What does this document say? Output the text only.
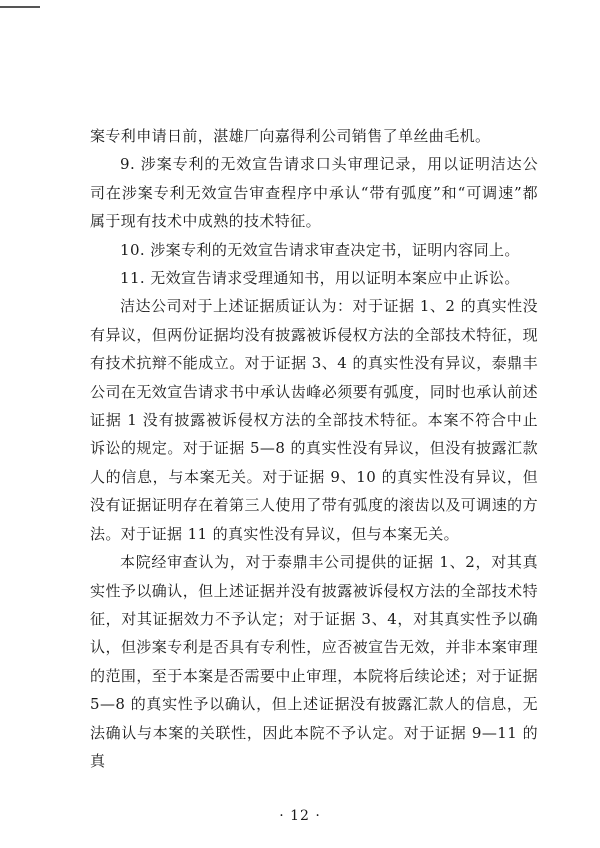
案专利申请日前，湛雄厂向嘉得利公司销售了单丝曲毛机。

9. 涉案专利的无效宣告请求口头审理记录，用以证明洁达公司在涉案专利无效宣告审查程序中承认“带有弧度”和“可调速”都属于现有技术中成熟的技术特征。

10. 涉案专利的无效宣告请求审查决定书，证明内容同上。

11. 无效宣告请求受理通知书，用以证明本案应中止诉讼。

洁达公司对于上述证据质证认为：对于证据 1、2 的真实性没有异议，但两份证据均没有披露被诉侵权方法的全部技术特征，现有技术抗辩不能成立。对于证据 3、4 的真实性没有异议，泰鼎丰公司在无效宣告请求书中承认齿峰必须要有弧度，同时也承认前述证据 1 没有披露被诉侵权方法的全部技术特征。本案不符合中止诉讼的规定。对于证据 5—8 的真实性没有异议，但没有披露汇款人的信息，与本案无关。对于证据 9、10 的真实性没有异议，但没有证据证明存在着第三人使用了带有弧度的滚齿以及可调速的方法。对于证据 11 的真实性没有异议，但与本案无关。

本院经审查认为，对于泰鼎丰公司提供的证据 1、2，对其真实性予以确认，但上述证据并没有披露被诉侵权方法的全部技术特征，对其证据效力不予认定；对于证据 3、4，对其真实性予以确认，但涉案专利是否具有专利性，应否被宣告无效，并非本案审理的范围，至于本案是否需要中止审理，本院将后续论述；对于证据 5—8 的真实性予以确认，但上述证据没有披露汇款人的信息，无法确认与本案的关联性，因此本院不予认定。对于证据 9—11 的真

· 12 ·
